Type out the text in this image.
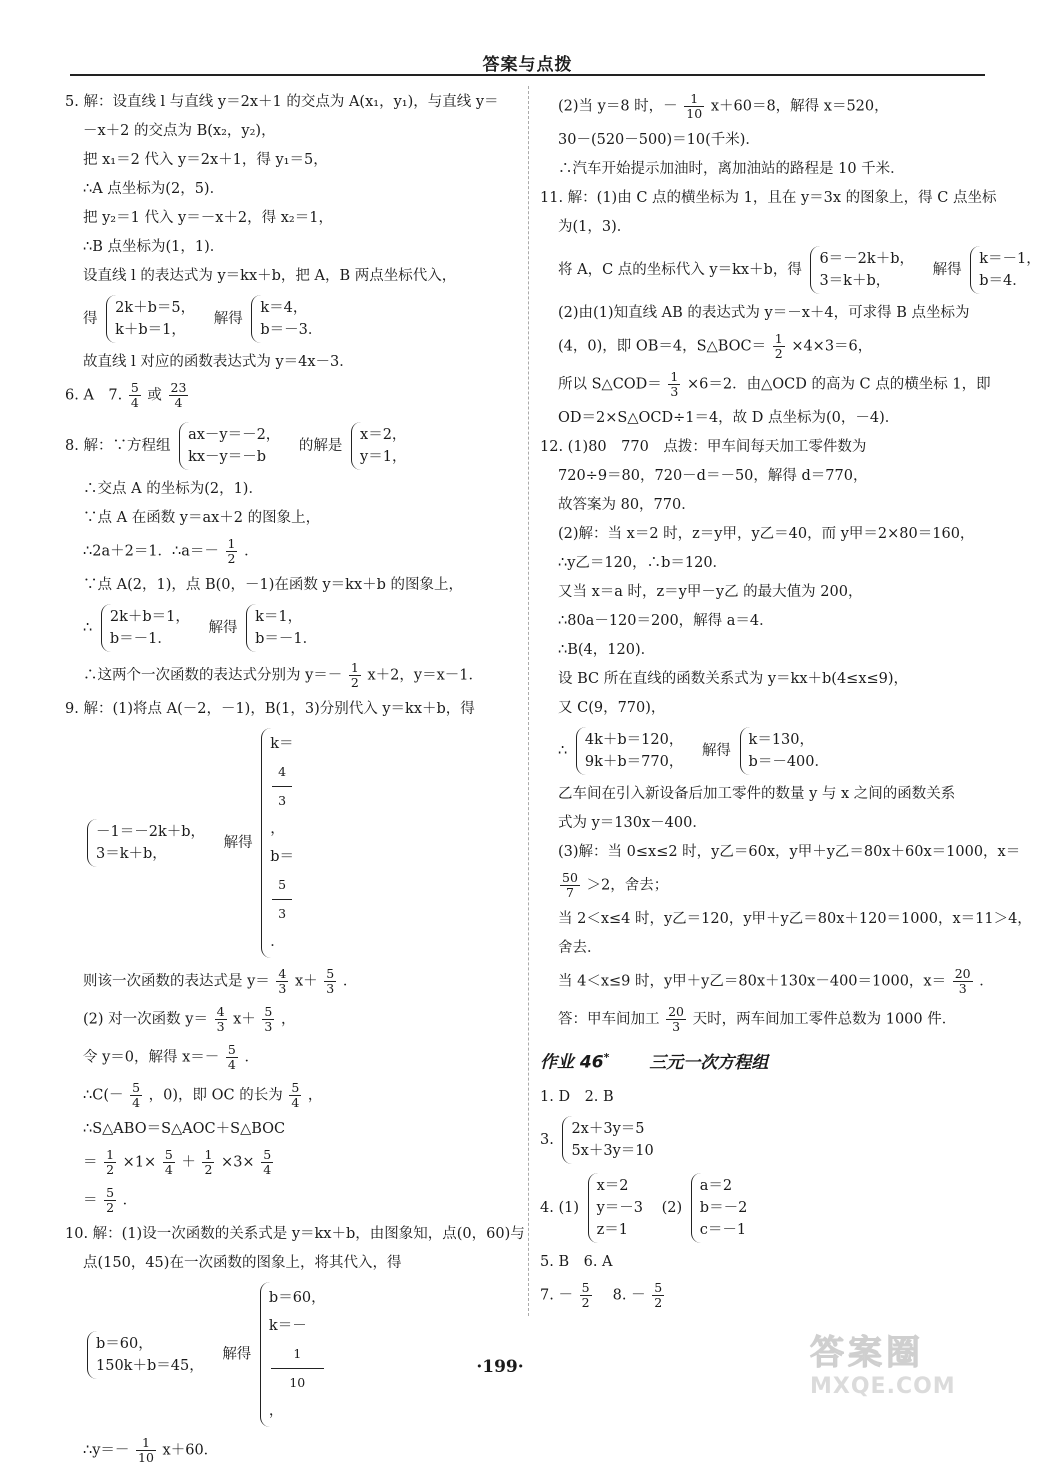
答案与点拨
5. 解：设直线 l 与直线 y＝2x＋1 的交点为 A(x₁，y₁)，与直线 y＝
－x＋2 的交点为 B(x₂，y₂)，
把 x₁＝2 代入 y＝2x＋1，得 y₁＝5，
∴A 点坐标为(2，5)．
把 y₂＝1 代入 y＝－x＋2，得 x₂＝1，
∴B 点坐标为(1，1)．
设直线 l 的表达式为 y＝kx＋b，把 A，B 两点坐标代入，
得
2k＋b＝5，
k＋b＝1，
解得
k＝4，
b＝－3．
故直线 l 对应的函数表达式为 y＝4x－3．
6. A　7. $\frac{5}{4}$ 或 $\frac{23}{4}$
8. 解：∵方程组
ax－y＝－2，
kx－y＝－b
的解是
x＝2，
y＝1，
∴交点 A 的坐标为(2，1)．
∵点 A 在函数 y＝ax＋2 的图象上，
∴2a＋2＝1．∴a＝－ $\frac{1}{2}$ ．
∵点 A(2，1)，点 B(0，－1)在函数 y＝kx＋b 的图象上，
∴
2k＋b＝1，
b＝－1．
解得
k＝1，
b＝－1．
∴这两个一次函数的表达式分别为 $y=- \frac{1}{2} x+2$，y＝x－1．
9. 解：(1)将点 A(－2，－1)，B(1，3)分别代入 y＝kx＋b，得
－1＝－2k＋b，
3＝k＋b，
解得
k＝
4
3
，
b＝
5
3
．
则该一次函数的表达式是 $y= \frac{4}{3} x+ \frac{5}{3}$ ．
(2) 对一次函数 $y= \frac{4}{3} x+ \frac{5}{3}$ ，
令 y＝0，解得 $x=- \frac{5}{4}$ ．
∴C(－ $\frac{5}{4}$ ，0)，即 OC 的长为 $\frac{5}{4}$ ，
∴S△ABO＝S△AOC＋S△BOC
＝ $\frac{1}{2} \times 1\times \frac{5}{4} + \frac{1}{2} \times 3\times \frac{5}{4}$
＝ $\frac{5}{2}$ ．
10. 解：(1)设一次函数的关系式是 y＝kx＋b，由图象知，点(0，60)与
点(150，45)在一次函数的图象上，将其代入，得
b＝60，
150k＋b＝45，
解得
b＝60，
k＝－
1
10
，
∴y＝－ $\frac{1}{10} x+60$．
(2)当 y＝8 时，－ $\frac{1}{10} x+60=8$，解得 x＝520，
30－(520－500)＝10(千米)．
∴汽车开始提示加油时，离加油站的路程是 10 千米．
11. 解：(1)由 C 点的横坐标为 1，且在 y＝3x 的图象上，得 C 点坐标
为(1，3)．
将 A，C 点的坐标代入 y＝kx＋b，得
6＝－2k＋b，
3＝k＋b，
解得
k＝－1，
b＝4．
(2)由(1)知直线 AB 的表达式为 y＝－x＋4，可求得 B 点坐标为
(4，0)，即 OB＝4，S△BOC＝ $\frac{1}{2} \times 4\times 3=6$，
所以 S△COD＝ $\frac{1}{3} \times 6=2$．由△OCD 的高为 C 点的横坐标 1，即
OD＝2×S△OCD÷1＝4，故 D 点坐标为(0，－4)．
12. (1)80　770　点拨：甲车间每天加工零件数为
720÷9＝80，720－d＝－50，解得 d＝770，
故答案为 80，770．
(2)解：当 x＝2 时，z＝y甲，y乙＝40，而 y甲＝2×80＝160，
∴y乙＝120，∴b＝120．
又当 x＝a 时，z＝y甲－y乙 的最大值为 200，
∴80a－120＝200，解得 a＝4．
∴B(4，120)．
设 BC 所在直线的函数关系式为 y＝kx＋b(4≤x≤9)，
又 C(9，770)，
∴
4k＋b＝120，
9k＋b＝770，
解得
k＝130，
b＝－400．
乙车间在引入新设备后加工零件的数量 y 与 x 之间的函数关系
式为 y＝130x－400．
(3)解：当 0≤x≤2 时，y乙＝60x，y甲＋y乙＝80x＋60x＝1000，x＝
$\frac{50}{7} >2$，舍去；
当 2＜x≤4 时，y乙＝120，y甲＋y乙＝80x＋120＝1000，x＝11＞4，
舍去．
当 4＜x≤9 时，y甲＋y乙＝80x＋130x－400＝1000，$x= \frac{20}{3}$ ．
答：甲车间加工 $\frac{20}{3}$ 天时，两车间加工零件总数为 1000 件．
作业 46* 三元一次方程组
1. D　2. B
3.
2x＋3y＝5
5x＋3y＝10
4. (1)
x＝2
y＝－3
z＝1
(2)
a＝2
b＝－2
c＝－1
5. B　6. A
7. － $\frac{5}{2}$ 　8. － $\frac{5}{2}$
·199·	答案圈
MXQE.COM
